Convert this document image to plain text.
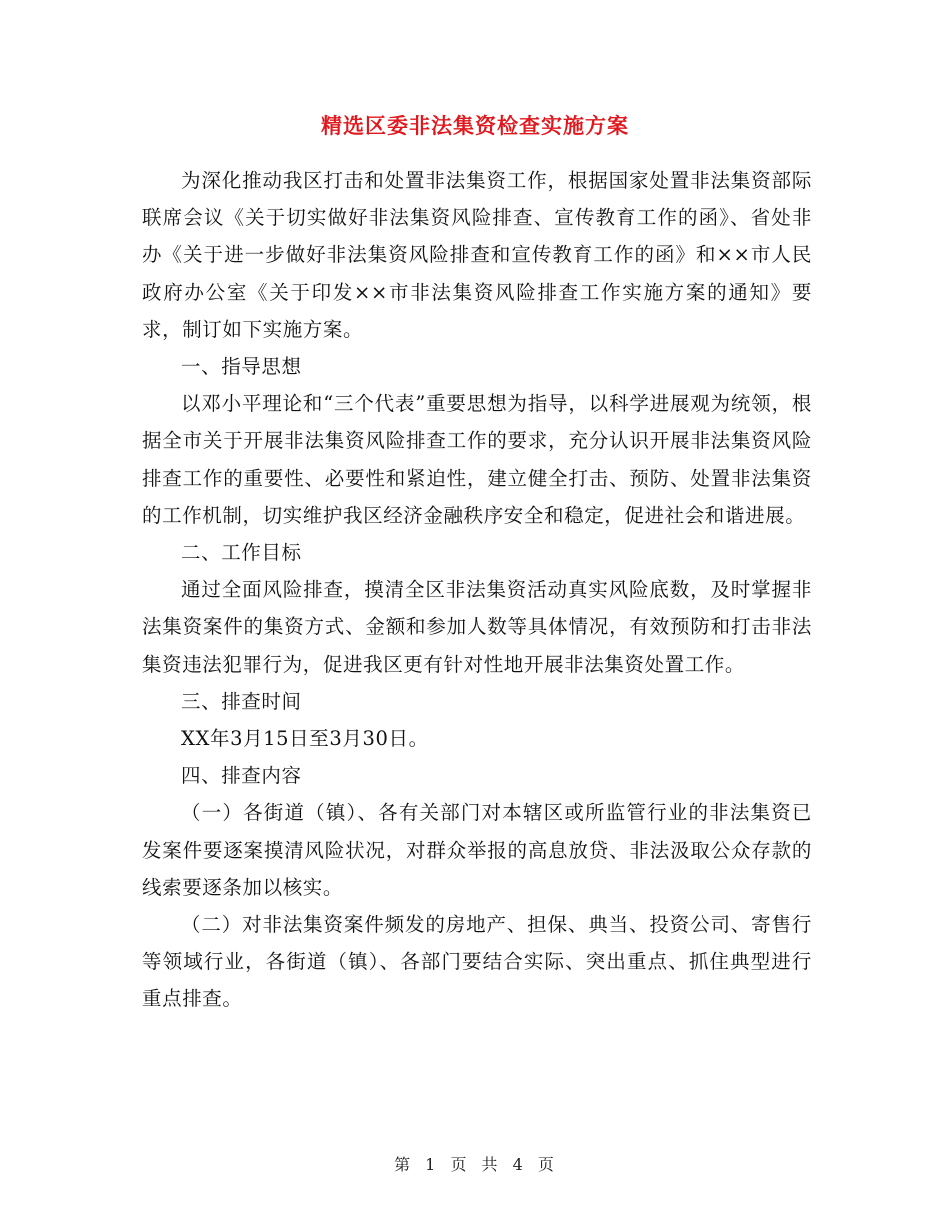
精选区委非法集资检查实施方案

为深化推动我区打击和处置非法集资工作，根据国家处置非法集资部际联席会议《关于切实做好非法集资风险排查、宣传教育工作的函》、省处非办《关于进一步做好非法集资风险排查和宣传教育工作的函》和××市人民政府办公室《关于印发××市非法集资风险排查工作实施方案的通知》要求，制订如下实施方案。

一、指导思想

以邓小平理论和“三个代表”重要思想为指导，以科学进展观为统领，根据全市关于开展非法集资风险排查工作的要求，充分认识开展非法集资风险排查工作的重要性、必要性和紧迫性，建立健全打击、预防、处置非法集资的工作机制，切实维护我区经济金融秩序安全和稳定，促进社会和谐进展。

二、工作目标

通过全面风险排查，摸清全区非法集资活动真实风险底数，及时掌握非法集资案件的集资方式、金额和参加人数等具体情况，有效预防和打击非法集资违法犯罪行为，促进我区更有针对性地开展非法集资处置工作。

三、排查时间

XX年3月15日至3月30日。

四、排查内容

（一）各街道（镇）、各有关部门对本辖区或所监管行业的非法集资已发案件要逐案摸清风险状况，对群众举报的高息放贷、非法汲取公众存款的线索要逐条加以核实。

（二）对非法集资案件频发的房地产、担保、典当、投资公司、寄售行等领域行业，各街道（镇）、各部门要结合实际、突出重点、抓住典型进行重点排查。

第 1 页 共 4 页
